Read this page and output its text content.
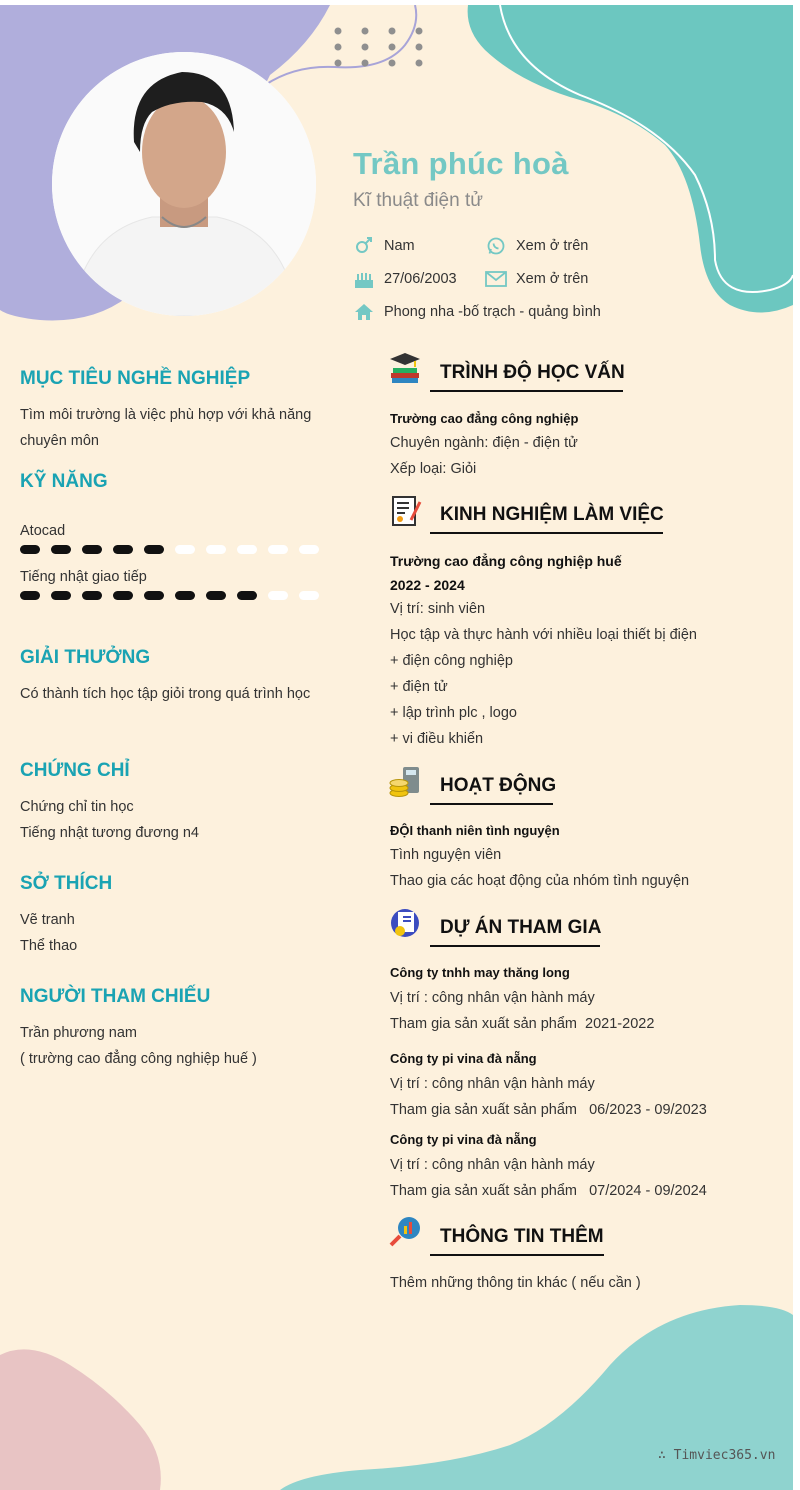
Trần phúc hoà
Kĩ thuật điện tử
Nam	Xem ở trên
27/06/2003	Xem ở trên
Phong nha -bố trạch - quảng bình
MỤC TIÊU NGHỀ NGHIỆP
Tìm môi trường là việc phù hợp với khả năng chuyên môn
KỸ NĂNG
Atocad
Tiếng nhật giao tiếp
GIẢI THƯỞNG
Có thành tích học tập giỏi trong quá trình học
CHỨNG CHỈ
Chứng chỉ tin học
Tiếng nhật tương đương n4
SỞ THÍCH
Vẽ tranh
Thể thao
NGƯỜI THAM CHIẾU
Trần phương nam
( trường cao đẳng công nghiệp huế )
TRÌNH ĐỘ HỌC VẤN
Trường cao đẳng công nghiệp
Chuyên ngành: điện - điện tử
Xếp loại: Giỏi
KINH NGHIỆM LÀM VIỆC
Trường cao đẳng công nghiệp huế
2022 - 2024
Vị trí: sinh viên
Học tập và thực hành với nhiều loại thiết bị điện
+ điện công nghiệp
+ điện tử
+ lập trình plc , logo
+ vi điều khiển
HOẠT ĐỘNG
ĐỘI thanh niên tình nguyện
Tình nguyện viên
Thao gia các hoạt động của nhóm tình nguyện
DỰ ÁN THAM GIA
Công ty tnhh may thăng long
Vị trí : công nhân vận hành máy
Tham gia sản xuất sản phẩm  2021-2022
Công ty pi vina đà nẵng
Vị trí : công nhân vận hành máy
Tham gia sản xuất sản phẩm   06/2023 - 09/2023
Công ty pi vina đà nẵng
Vị trí : công nhân vận hành máy
Tham gia sản xuất sản phẩm   07/2024 - 09/2024
THÔNG TIN THÊM
Thêm những thông tin khác ( nếu cần )
∴ Timviec365.vn
